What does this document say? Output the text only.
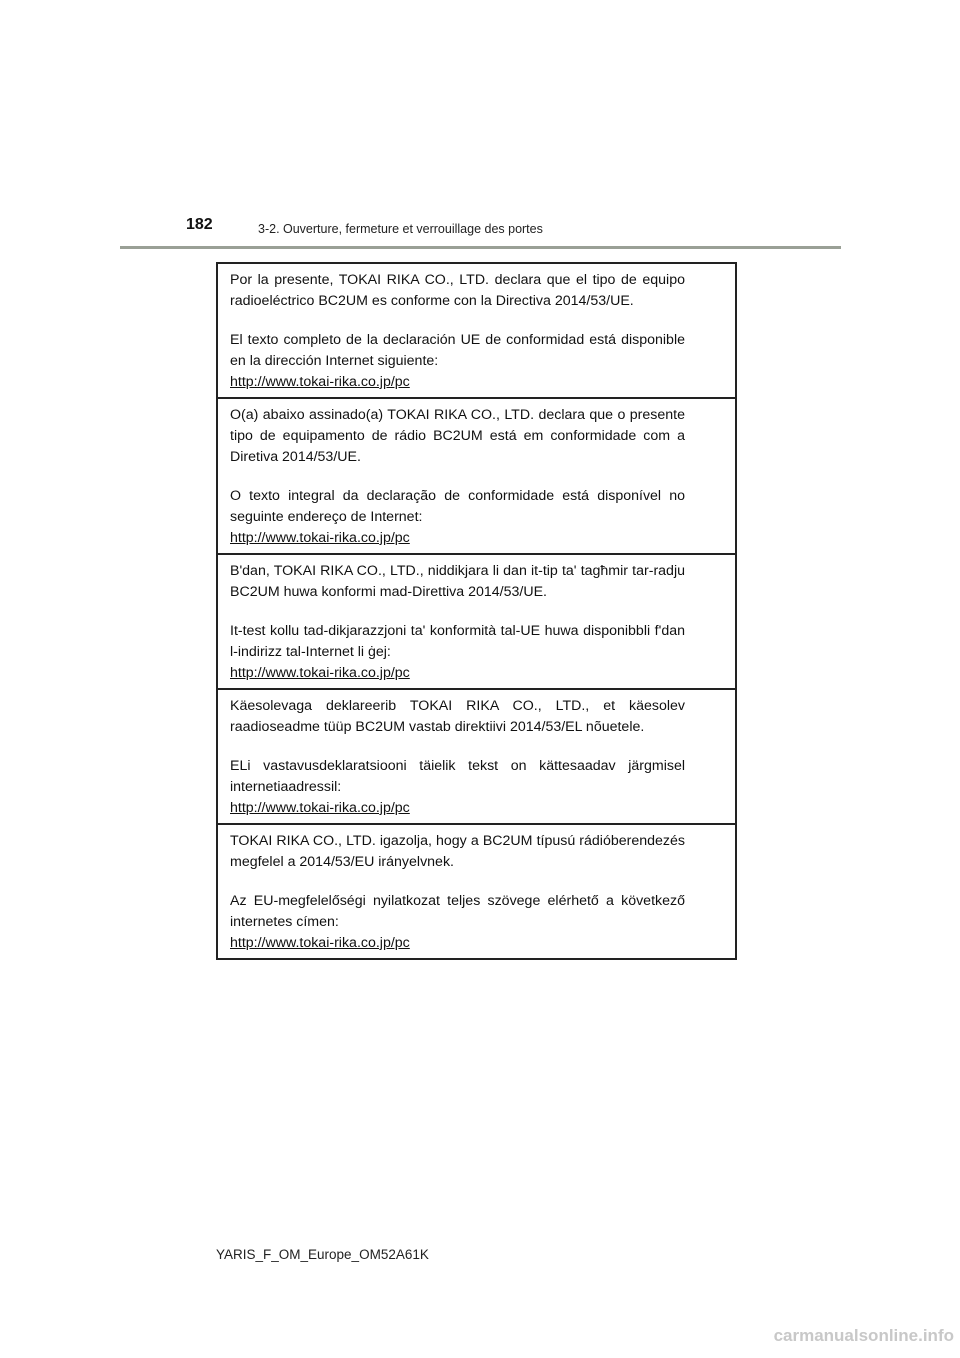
182	3-2. Ouverture, fermeture et verrouillage des portes

Por la presente, TOKAI RIKA CO., LTD. declara que el tipo de equipo radioeléctrico BC2UM es conforme con la Directiva 2014/53/UE.

El texto completo de la declaración UE de conformidad está disponible en la dirección Internet siguiente:
http://www.tokai-rika.co.jp/pc

O(a) abaixo assinado(a) TOKAI RIKA CO., LTD. declara que o presente tipo de equipamento de rádio BC2UM está em conformidade com a Diretiva 2014/53/UE.

O texto integral da declaração de conformidade está disponível no seguinte endereço de Internet:
http://www.tokai-rika.co.jp/pc

B'dan, TOKAI RIKA CO., LTD., niddikjara li dan it-tip ta' tagħmir tar-radju BC2UM huwa konformi mad-Direttiva 2014/53/UE.

It-test kollu tad-dikjarazzjoni ta' konformità tal-UE huwa disponibbli f'dan l-indirizz tal-Internet li ġej:
http://www.tokai-rika.co.jp/pc

Käesolevaga deklareerib TOKAI RIKA CO., LTD., et käesolev raadioseadme tüüp BC2UM vastab direktiivi 2014/53/EL nõuetele.

ELi vastavusdeklaratsiooni täielik tekst on kättesaadav järgmisel internetiaadressil:
http://www.tokai-rika.co.jp/pc

TOKAI RIKA CO., LTD. igazolja, hogy a BC2UM típusú rádióberendezés megfelel a 2014/53/EU irányelvnek.

Az EU-megfelelőségi nyilatkozat teljes szövege elérhető a következő internetes címen:
http://www.tokai-rika.co.jp/pc

YARIS_F_OM_Europe_OM52A61K
carmanualsonline.info
